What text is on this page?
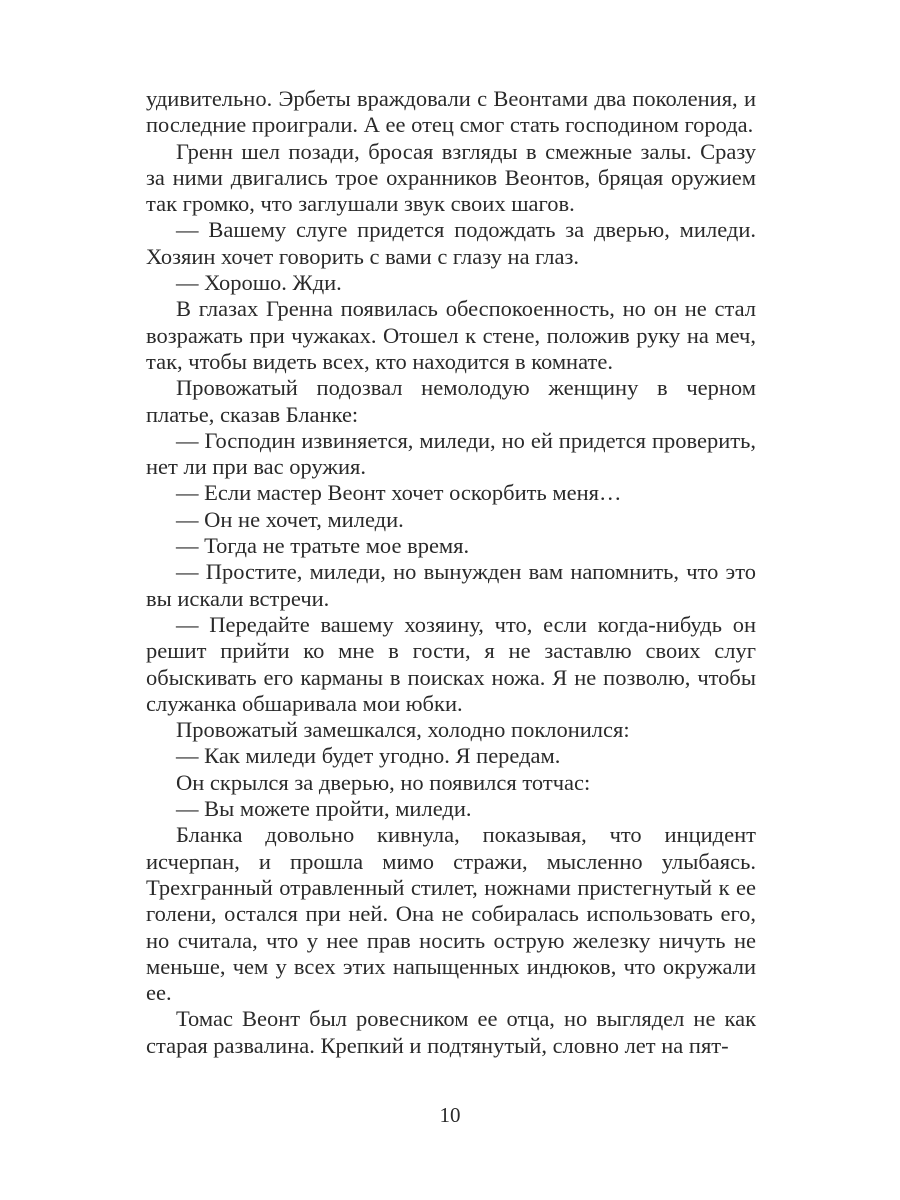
удивительно. Эрбеты враждовали с Веонтами два поколения, и последние проиграли. А ее отец смог стать господином города.

Гренн шел позади, бросая взгляды в смежные залы. Сразу за ними двигались трое охранников Веонтов, бряцая оружием так громко, что заглушали звук своих шагов.

— Вашему слуге придется подождать за дверью, миледи. Хозяин хочет говорить с вами с глазу на глаз.

— Хорошо. Жди.

В глазах Гренна появилась обеспокоенность, но он не стал возражать при чужаках. Отошел к стене, положив руку на меч, так, чтобы видеть всех, кто находится в комнате.

Провожатый подозвал немолодую женщину в черном платье, сказав Бланке:

— Господин извиняется, миледи, но ей придется проверить, нет ли при вас оружия.

— Если мастер Веонт хочет оскорбить меня…

— Он не хочет, миледи.

— Тогда не тратьте мое время.

— Простите, миледи, но вынужден вам напомнить, что это вы искали встречи.

— Передайте вашему хозяину, что, если когда-нибудь он решит прийти ко мне в гости, я не заставлю своих слуг обыскивать его карманы в поисках ножа. Я не позволю, чтобы служанка обшаривала мои юбки.

Провожатый замешкался, холодно поклонился:

— Как миледи будет угодно. Я передам.

Он скрылся за дверью, но появился тотчас:

— Вы можете пройти, миледи.

Бланка довольно кивнула, показывая, что инцидент исчерпан, и прошла мимо стражи, мысленно улыбаясь. Трехгранный отравленный стилет, ножнами пристегнутый к ее голени, остался при ней. Она не собиралась использовать его, но считала, что у нее прав носить острую железку ничуть не меньше, чем у всех этих напыщенных индюков, что окружали ее.

Томас Веонт был ровесником ее отца, но выглядел не как старая развалина. Крепкий и подтянутый, словно лет на пят-

10
